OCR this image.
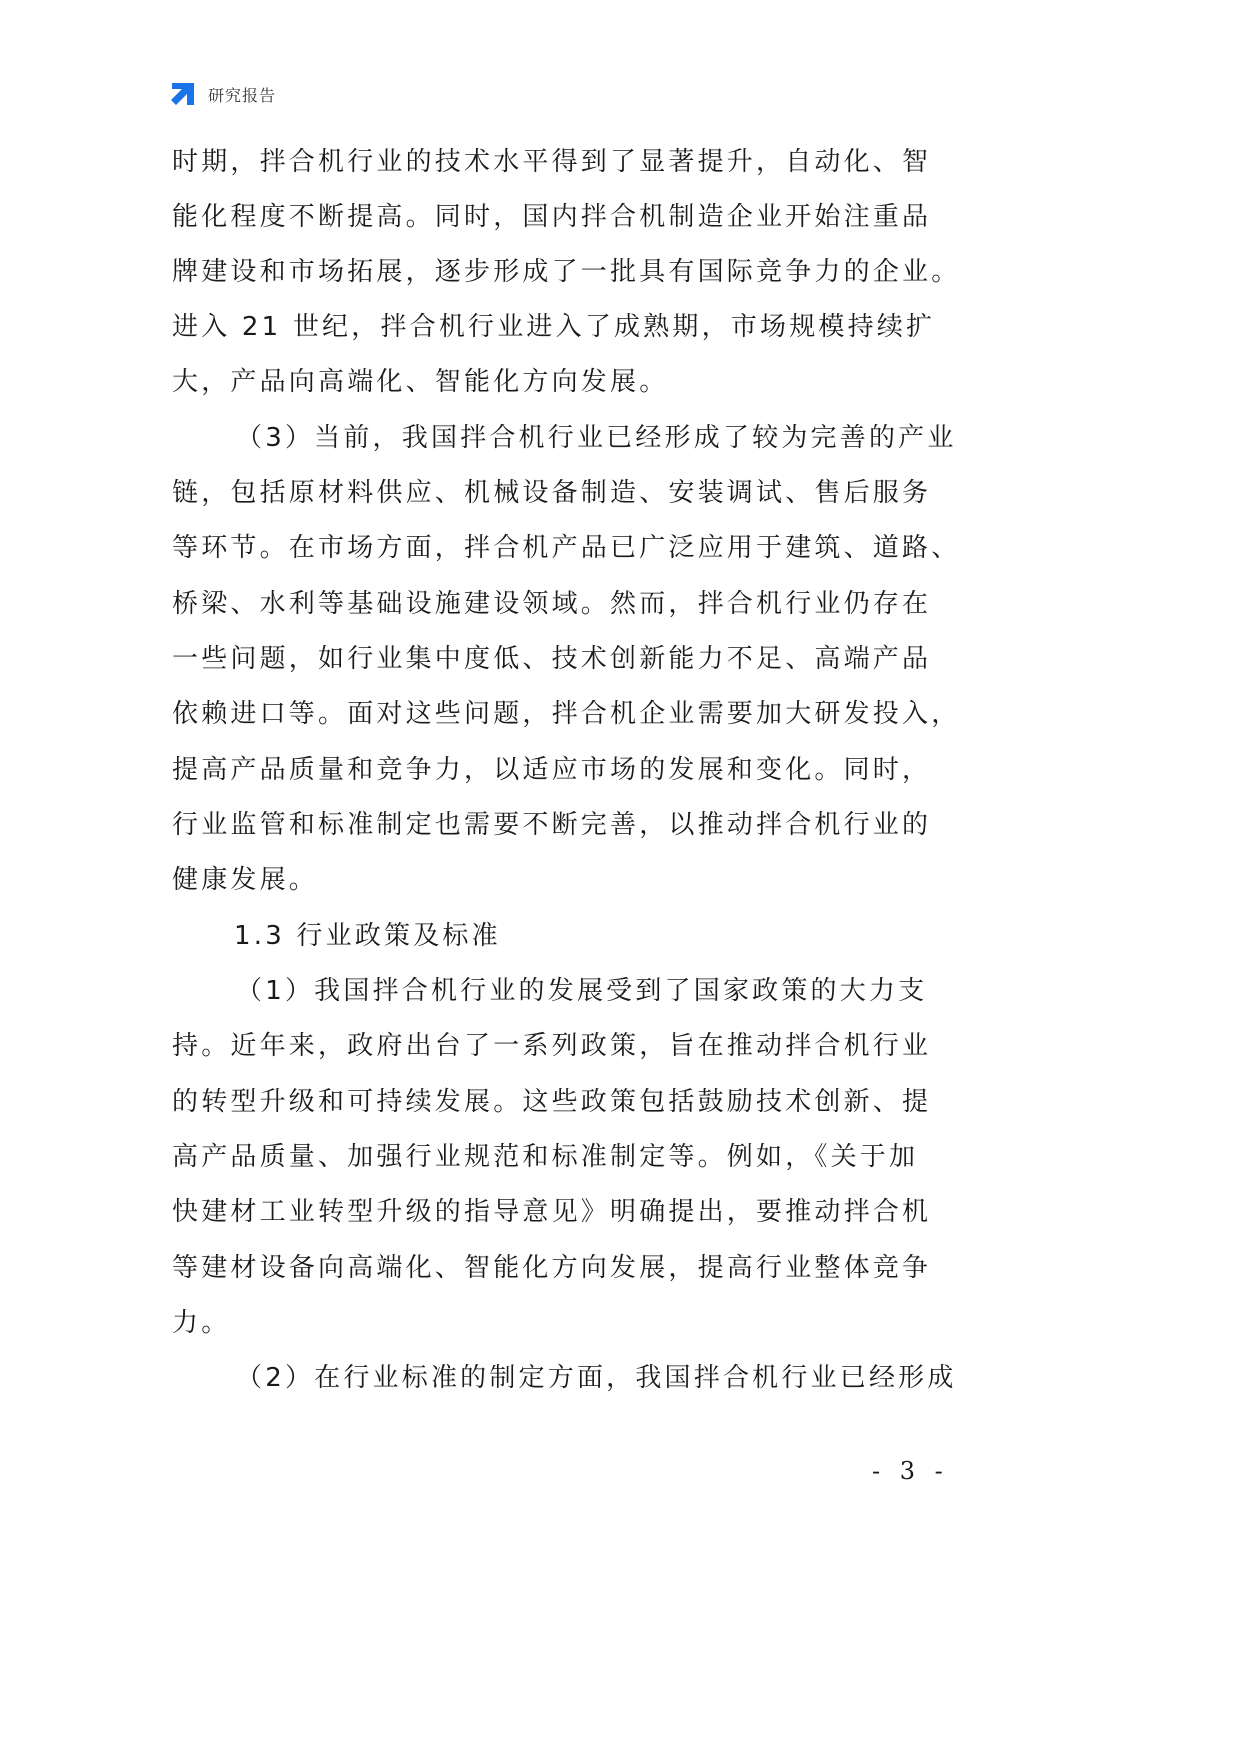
研究报告
时期，拌合机行业的技术水平得到了显著提升，自动化、智
能化程度不断提高。同时，国内拌合机制造企业开始注重品
牌建设和市场拓展，逐步形成了一批具有国际竞争力的企业。
进入 21 世纪，拌合机行业进入了成熟期，市场规模持续扩
大，产品向高端化、智能化方向发展。
（3）当前，我国拌合机行业已经形成了较为完善的产业
链，包括原材料供应、机械设备制造、安装调试、售后服务
等环节。在市场方面，拌合机产品已广泛应用于建筑、道路、
桥梁、水利等基础设施建设领域。然而，拌合机行业仍存在
一些问题，如行业集中度低、技术创新能力不足、高端产品
依赖进口等。面对这些问题，拌合机企业需要加大研发投入，
提高产品质量和竞争力，以适应市场的发展和变化。同时，
行业监管和标准制定也需要不断完善，以推动拌合机行业的
健康发展。
1.3 行业政策及标准
（1）我国拌合机行业的发展受到了国家政策的大力支
持。近年来，政府出台了一系列政策，旨在推动拌合机行业
的转型升级和可持续发展。这些政策包括鼓励技术创新、提
高产品质量、加强行业规范和标准制定等。例如，《关于加
快建材工业转型升级的指导意见》明确提出，要推动拌合机
等建材设备向高端化、智能化方向发展，提高行业整体竞争
力。
（2）在行业标准的制定方面，我国拌合机行业已经形成
- 3 -
